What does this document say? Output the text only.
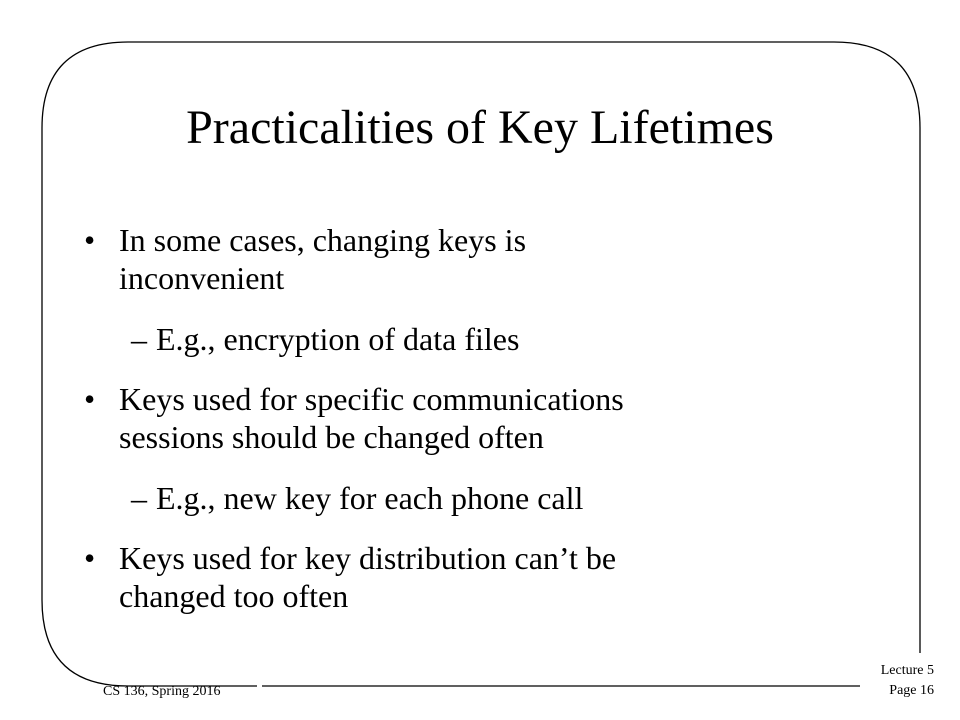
Practicalities of Key Lifetimes
• In some cases, changing keys is
inconvenient
– E.g., encryption of data files
• Keys used for specific communications
sessions should be changed often
– E.g., new key for each phone call
• Keys used for key distribution can’t be
changed too often
CS 136, Spring 2016
Lecture 5
Page 16
